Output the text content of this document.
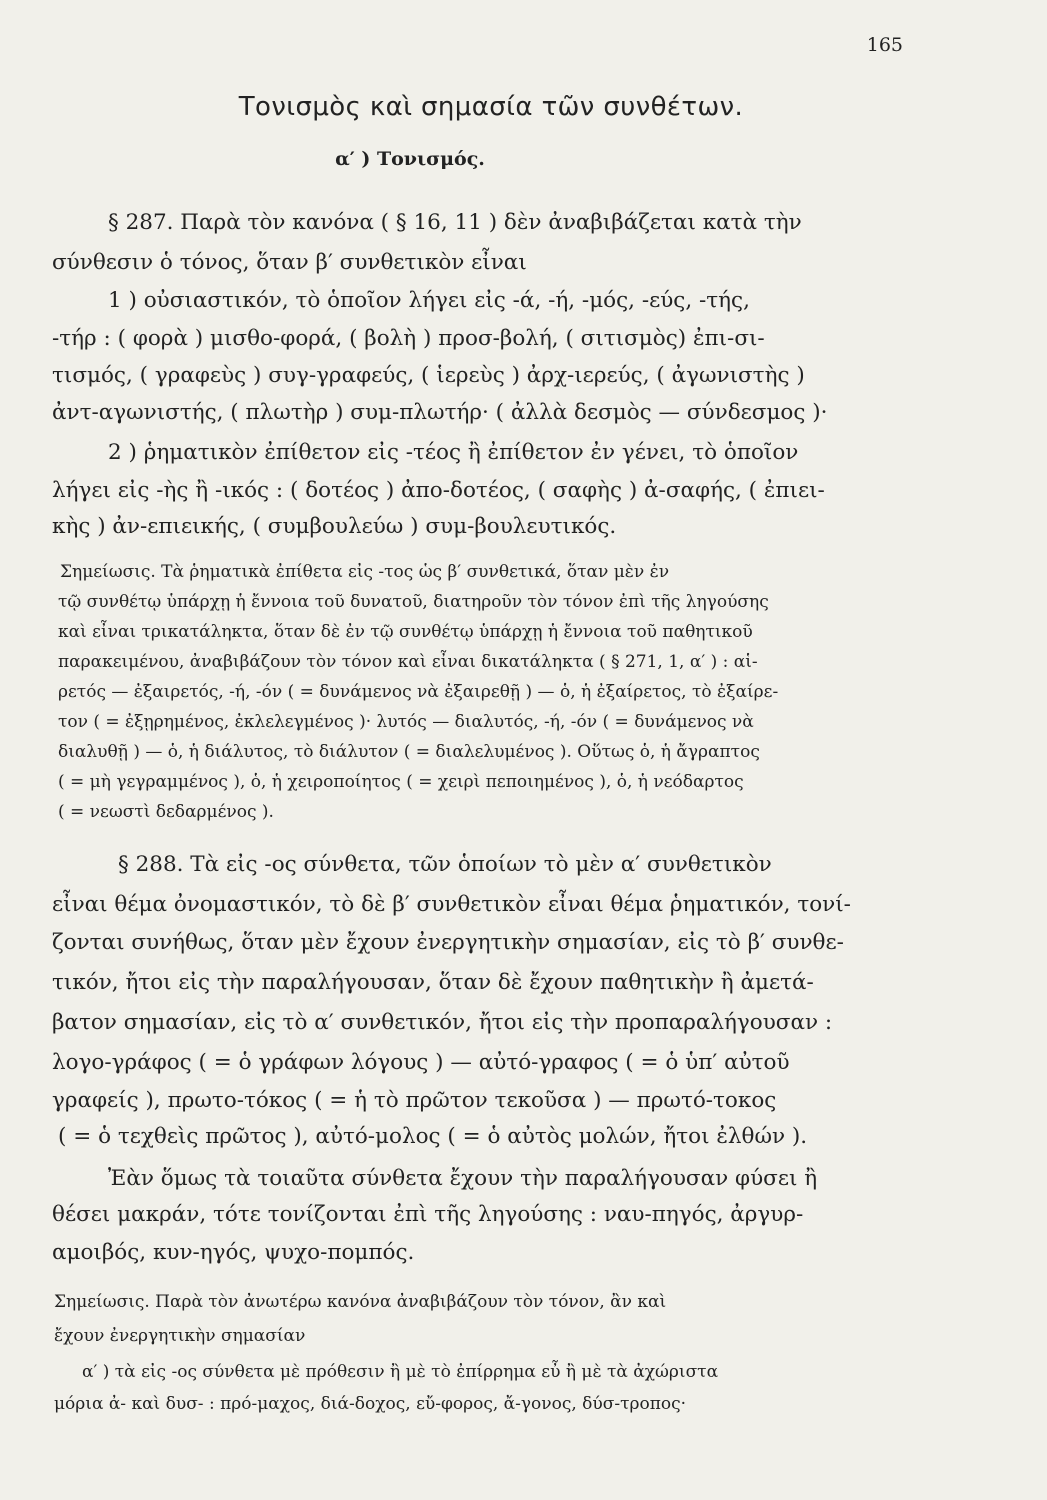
165
Τονισμὸς καὶ σημασία τῶν συνθέτων.
α′ ) Τονισμός.
§ 287. Παρὰ τὸν κανόνα ( § 16, 11 ) δὲν ἀναβιβάζεται κατὰ τὴν
σύνθεσιν ὁ τόνος, ὅταν β′ συνθετικὸν εἶναι
1 ) οὐσιαστικόν, τὸ ὁποῖον λήγει εἰς -ά, -ή, -μός, -εύς, -τής,
-τήρ : ( φορὰ ) μισθο-φορά, ( βολὴ ) προσ-βολή, ( σιτισμὸς) ἐπι-σι-
τισμός, ( γραφεὺς ) συγ-γραφεύς, ( ἱερεὺς ) ἀρχ-ιερεύς, ( ἀγωνιστὴς )
ἀντ-αγωνιστής, ( πλωτὴρ ) συμ-πλωτήρ· ( ἀλλὰ δεσμὸς — σύνδεσμος )·
2 ) ῥηματικὸν ἐπίθετον εἰς -τέος ἢ ἐπίθετον ἐν γένει, τὸ ὁποῖον
λήγει εἰς -ὴς ἢ -ικός : ( δοτέος ) ἀπο-δοτέος, ( σαφὴς ) ἀ-σαφής, ( ἐπιει-
κὴς ) ἀν-επιεικής, ( συμβουλεύω ) συμ-βουλευτικός.
Σημείωσις. Τὰ ῥηματικὰ ἐπίθετα εἰς -τος ὡς β′ συνθετικά, ὅταν μὲν ἐν
τῷ συνθέτῳ ὑπάρχῃ ἡ ἔννοια τοῦ δυνατοῦ, διατηροῦν τὸν τόνον ἐπὶ τῆς ληγούσης
καὶ εἶναι τρικατάληκτα, ὅταν δὲ ἐν τῷ συνθέτῳ ὑπάρχῃ ἡ ἔννοια τοῦ παθητικοῦ
παρακειμένου, ἀναβιβάζουν τὸν τόνον καὶ εἶναι δικατάληκτα ( § 271, 1, α′ ) : αἱ-
ρετός — ἐξαιρετός, -ή, -όν ( = δυνάμενος νὰ ἐξαιρεθῇ ) — ὁ, ἡ ἐξαίρετος, τὸ ἐξαίρε-
τον ( = ἐξῃρημένος, ἐκλελεγμένος )· λυτός — διαλυτός, -ή, -όν ( = δυνάμενος νὰ
διαλυθῇ ) — ὁ, ἡ διάλυτος, τὸ διάλυτον ( = διαλελυμένος ). Οὕτως ὁ, ἡ ἄγραπτος
( = μὴ γεγραμμένος ), ὁ, ἡ χειροποίητος ( = χειρὶ πεποιημένος ), ὁ, ἡ νεόδαρτος
( = νεωστὶ δεδαρμένος ).
§ 288. Τὰ εἰς -ος σύνθετα, τῶν ὁποίων τὸ μὲν α′ συνθετικὸν
εἶναι θέμα ὀνομαστικόν, τὸ δὲ β′ συνθετικὸν εἶναι θέμα ῥηματικόν, τονί-
ζονται συνήθως, ὅταν μὲν ἔχουν ἐνεργητικὴν σημασίαν, εἰς τὸ β′ συνθε-
τικόν, ἤτοι εἰς τὴν παραλήγουσαν, ὅταν δὲ ἔχουν παθητικὴν ἢ ἀμετά-
βατον σημασίαν, εἰς τὸ α′ συνθετικόν, ἤτοι εἰς τὴν προπαραλήγουσαν :
λογο-γράφος ( = ὁ γράφων λόγους ) — αὐτό-γραφος ( = ὁ ὑπ′ αὐτοῦ
γραφείς ), πρωτο-τόκος ( = ἡ τὸ πρῶτον τεκοῦσα ) — πρωτό-τοκος
( = ὁ τεχθεὶς πρῶτος ), αὐτό-μολος ( = ὁ αὐτὸς μολών, ἤτοι ἐλθών ).
Ἐὰν ὅμως τὰ τοιαῦτα σύνθετα ἔχουν τὴν παραλήγουσαν φύσει ἢ
θέσει μακράν, τότε τονίζονται ἐπὶ τῆς ληγούσης : ναυ-πηγός, ἀργυρ-
αμοιβός, κυν-ηγός, ψυχο-πομπός.
Σημείωσις. Παρὰ τὸν ἀνωτέρω κανόνα ἀναβιβάζουν τὸν τόνον, ἂν καὶ
ἔχουν ἐνεργητικὴν σημασίαν
α′ ) τὰ εἰς -ος σύνθετα μὲ πρόθεσιν ἢ μὲ τὸ ἐπίρρημα εὖ ἢ μὲ τὰ ἀχώριστα
μόρια ἀ- καὶ δυσ- : πρό-μαχος, διά-δοχος, εὔ-φορος, ἄ-γονος, δύσ-τροπος·
